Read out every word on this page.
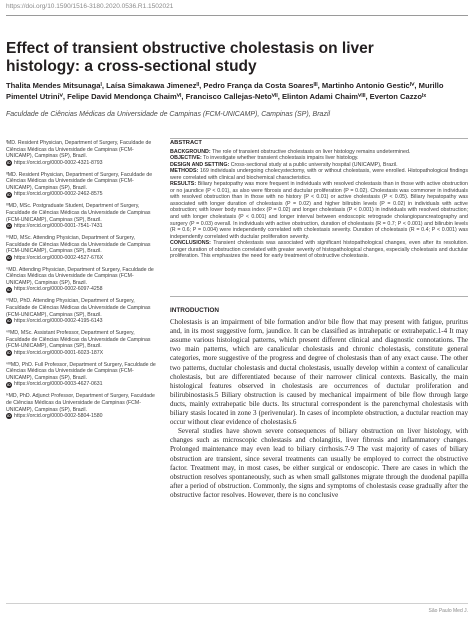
https://doi.org/10.1590/1516-3180.2020.0536.R1.1502021
Effect of transient obstructive cholestasis on liver histology: a cross-sectional study
Thalita Mendes Mitsunagaᴵ, Laísa Simakawa Jimenezᴵᴵ, Pedro França da Costa Soaresᴵᴵᴵ, Martinho Antonio Gesticᴵⱽ, Murillo Pimentel Utriniⱽ, Felipe David Mendonça Chaimⱽᴵ, Francisco Callejas-Netoⱽᴵᴵ, Elinton Adami Chaimⱽᴵᴵᴵ, Everton Cazzoᴵˣ
Faculdade de Ciências Médicas da Universidade de Campinas (FCM-UNICAMP), Campinas (SP), Brazil
ᴵMD. Resident Physician, Department of Surgery, Faculdade de Ciências Médicas da Universidade de Campinas (FCM-UNICAMP), Campinas (SP), Brazil.
iD https://orcid.org/0000-0002-4321-8793
ᴵᴵMD. Resident Physician, Department of Surgery, Faculdade de Ciências Médicas da Universidade de Campinas (FCM-UNICAMP), Campinas (SP), Brazil.
iD https://orcid.org/0000-0002-2462-8575
ᴵᴵᴵMD, MSc. Postgraduate Student, Department of Surgery, Faculdade de Ciências Médicas da Universidade de Campinas (FCM-UNICAMP), Campinas (SP), Brazil.
iD https://orcid.org/0000-0001-7541-7431
ᴵⱽMD, MSc. Attending Physician, Department of Surgery, Faculdade de Ciências Médicas da Universidade de Campinas (FCM-UNICAMP), Campinas (SP), Brazil.
iD https://orcid.org/0000-0002-4527-676X
ⱽMD. Attending Physician, Department of Surgery, Faculdade de Ciências Médicas da Universidade de Campinas (FCM-UNICAMP), Campinas (SP), Brazil.
iD https://orcid.org/0000-0002-6097-4258
ⱽᴵMD, PhD. Attending Physician, Department of Surgery, Faculdade de Ciências Médicas da Universidade de Campinas (FCM-UNICAMP), Campinas (SP), Brazil.
iD https://orcid.org/0000-0002-4195-6143
ⱽᴵᴵMD, MSc. Assistant Professor, Department of Surgery, Faculdade de Ciências Médicas da Universidade de Campinas (FCM-UNICAMP), Campinas (SP), Brazil.
iD https://orcid.org/0000-0001-6023-187X
ⱽᴵᴵᴵMD, PhD. Full Professor, Department of Surgery, Faculdade de Ciências Médicas da Universidade de Campinas (FCM-UNICAMP), Campinas (SP), Brazil.
iD https://orcid.org/0000-0003-4627-0631
ᴵˣMD, PhD. Adjunct Professor, Department of Surgery, Faculdade de Ciências Médicas da Universidade de Campinas (FCM-UNICAMP), Campinas (SP), Brazil.
iD https://orcid.org/0000-0002-5804-1580
ABSTRACT

BACKGROUND: The role of transient obstructive cholestasis on liver histology remains undetermined.

OBJECTIVE: To investigate whether transient cholestasis impairs liver histology.

DESIGN AND SETTING: Cross-sectional study at a public university hospital (UNICAMP), Brazil.

METHODS: 169 individuals undergoing cholecystectomy, with or without cholestasis, were enrolled. Histopathological findings were correlated with clinical and biochemical characteristics.

RESULTS: Biliary hepatopathy was more frequent in individuals with resolved cholestasis than in those with active obstruction or no jaundice (P < 0.01), as also were fibrosis and ductular proliferation (P = 0.02). Cholestasis was commoner in individuals with resolved obstruction than in those with no history (P < 0.01) or active cholestasis (P < 0.05). Biliary hepatopathy was associated with longer duration of cholestasis (P = 0.02) and higher bilirubin levels (P = 0.02) in individuals with active obstruction; with lower body mass index (P = 0.02) and longer cholestasis (P < 0.001) in individuals with resolved obstruction; and with longer cholestasis (P < 0.001) and longer interval between endoscopic retrograde cholangiopancreatography and surgery (P = 0.03) overall. In individuals with active obstruction, duration of cholestasis (R = 0.7; P < 0.001) and bilirubin levels (R = 0.6; P = 0.004) were independently correlated with cholestasis severity. Duration of cholestasis (R = 0.4; P < 0.001) was independently correlated with ductular proliferation severity.

CONCLUSIONS: Transient cholestasis was associated with significant histopathological changes, even after its resolution. Longer duration of obstruction correlated with greater severity of histopathological changes, especially cholestasis and ductular proliferation. This emphasizes the need for early treatment of obstructive cholestasis.

INTRODUCTION

Cholestasis is an impairment of bile formation and/or bile flow that may present with fatigue, pruritus and, in its most suggestive form, jaundice. It can be classified as intrahepatic or extrahepatic.1-4 It may assume various histological patterns, which present different clinical and diagnostic connotations. The two main patterns, which are canalicular cholestasis and chronic cholestasis, constitute general categories, more suggestive of the progress and degree of cholestasis than of any exact cause. The other two patterns, ductular cholestasis and ductal cholestasis, usually develop within a context of canalicular cholestasis, but are differentiated because of their narrower clinical contexts. Basically, the main histological features observed in cholestasis are occurrences of ductular proliferation and bilirubinostasis.5 Biliary obstruction is caused by mechanical impairment of bile flow through large ducts, mainly extrahepatic bile ducts. Its structural correspondent is the parenchymal cholestasis with biliary stasis located in zone 3 (perivenular). In cases of incomplete obstruction, a ductular reaction may occur without clear evidence of cholestasis.6

Several studies have shown severe consequences of biliary obstruction on liver histology, with changes such as microscopic cholestasis and cholangitis, liver fibrosis and inflammatory changes. Prolonged maintenance may even lead to biliary cirrhosis.7-9 The vast majority of cases of biliary obstruction are transient, since several treatments can usually be employed to correct the obstructive factor. Treatment may, in most cases, be either surgical or endoscopic. There are cases in which the obstruction resolves spontaneously, such as when small gallstones migrate through the duodenal papilla after a period of obstruction. Commonly, the signs and symptoms of cholestasis cease gradually after the obstructive factor resolves. However, there is no conclusive

São Paulo Med J.
